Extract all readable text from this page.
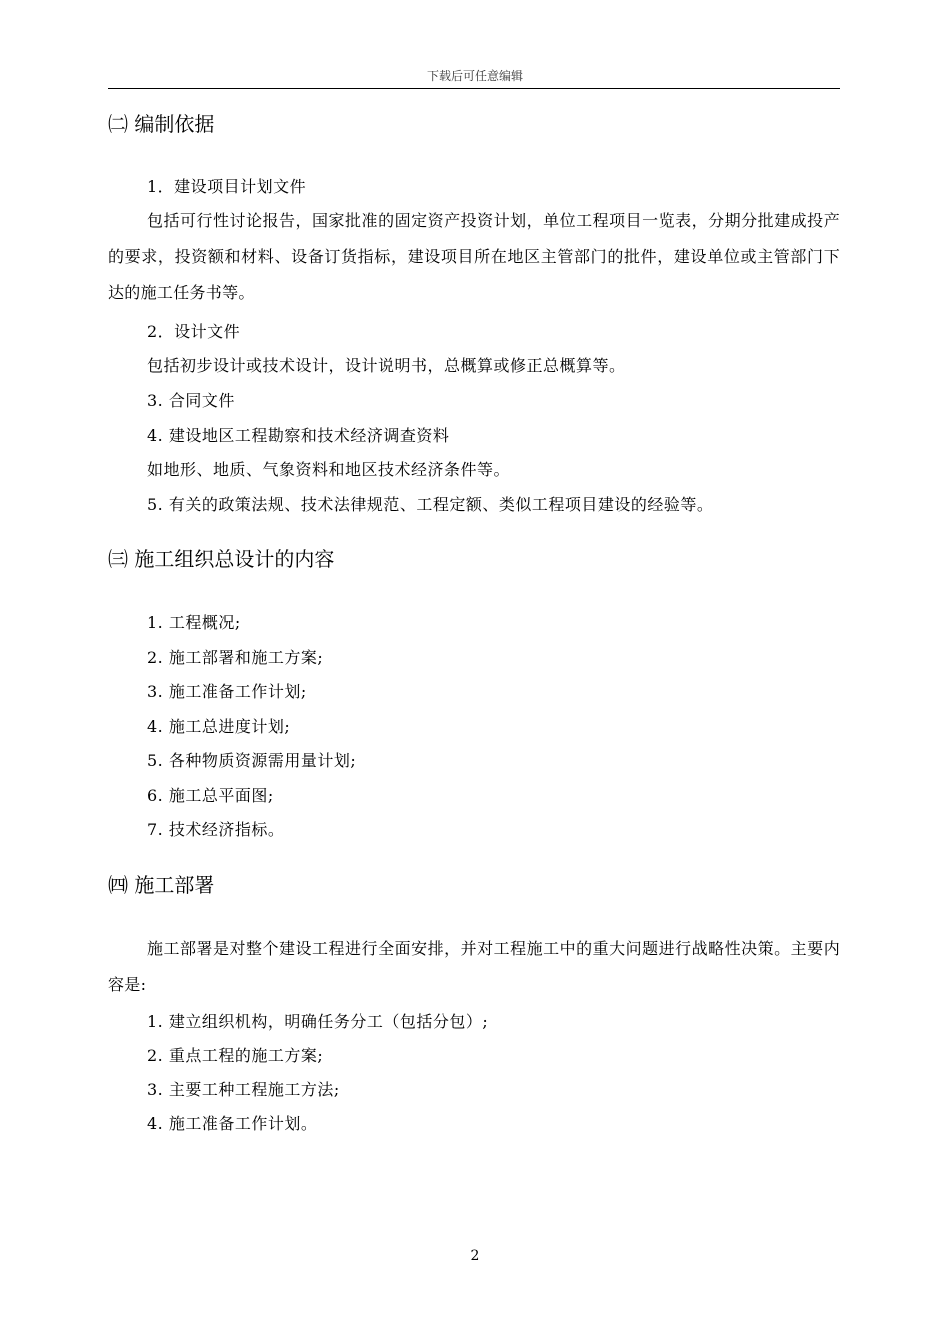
下载后可任意编辑
㈡ 编制依据
1．建设项目计划文件
包括可行性讨论报告，国家批准的固定资产投资计划，单位工程项目一览表，分期分批建成投产的要求，投资额和材料、设备订货指标，建设项目所在地区主管部门的批件，建设单位或主管部门下达的施工任务书等。
2．设计文件
包括初步设计或技术设计，设计说明书，总概算或修正总概算等。
3. 合同文件
4. 建设地区工程勘察和技术经济调查资料
如地形、地质、气象资料和地区技术经济条件等。
5. 有关的政策法规、技术法律规范、工程定额、类似工程项目建设的经验等。
㈢ 施工组织总设计的内容
1. 工程概况;
2. 施工部署和施工方案;
3. 施工准备工作计划;
4. 施工总进度计划;
5. 各种物质资源需用量计划;
6. 施工总平面图;
7. 技术经济指标。
㈣ 施工部署
施工部署是对整个建设工程进行全面安排，并对工程施工中的重大问题进行战略性决策。主要内容是:
1. 建立组织机构，明确任务分工（包括分包）;
2. 重点工程的施工方案;
3. 主要工种工程施工方法;
4. 施工准备工作计划。
2
